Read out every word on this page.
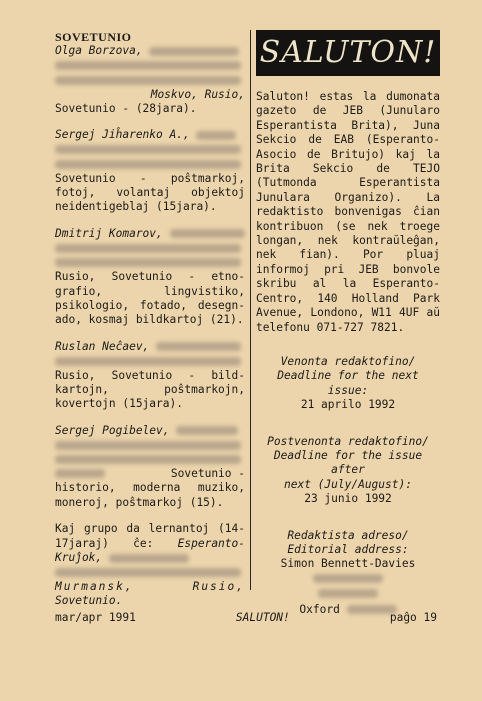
SOVETUNIO
Olga Borzova,
Moskvo, Rusio,
Sovetunio - (28jara).
Sergej Jiĥarenko A.,
Sovetunio - poŝtmarkoj, fotoj, volantaj objektoj neidentigeblaj (15jara).
Dmitrij Komarov,
Rusio, Sovetunio - etno-grafio, lingvistiko, psikologio, fotado, desegn-ado, kosmaj bildkartoj (21).
Ruslan Neĉaev,
Rusio, Sovetunio - bild-kartojn, poŝtmarkojn, kovertojn (15jara).
Sergej Pogibelev,
Sovetunio -
historio, moderna muziko, moneroj, poŝtmarkoj (15).
Kaj grupo da lernantoj (14-17jaraj) ĉe: Esperanto-Kruĵok,
Murmansk,	Rusio,
Sovetunio.
SALUTON!
Saluton! estas la dumonata gazeto de JEB (Junularo Esperantista Brita), Juna Sekcio de EAB (Esperanto-Asocio de Britujo) kaj la Brita Sekcio de TEJO (Tutmonda Esperantista Junulara Organizo). La redaktisto bonvenigas ĉian kontribuon (se nek troege longan, nek kontraŭleĝan, nek fian). Por pluaj informoj pri JEB bonvole skribu al la Esperanto-Centro, 140 Holland Park Avenue, Londono, W11 4UF aŭ telefonu 071-727 7821.
Venonta redaktofino/
Deadline for the next issue:
21 aprilo 1992
Postvenonta redaktofino/
Deadline for the issue after
next (July/August):
23 junio 1992
Redaktista adreso/
Editorial address:
Simon Bennett-Davies
Oxford
mar/apr 1991	SALUTON!	paĝo 19
